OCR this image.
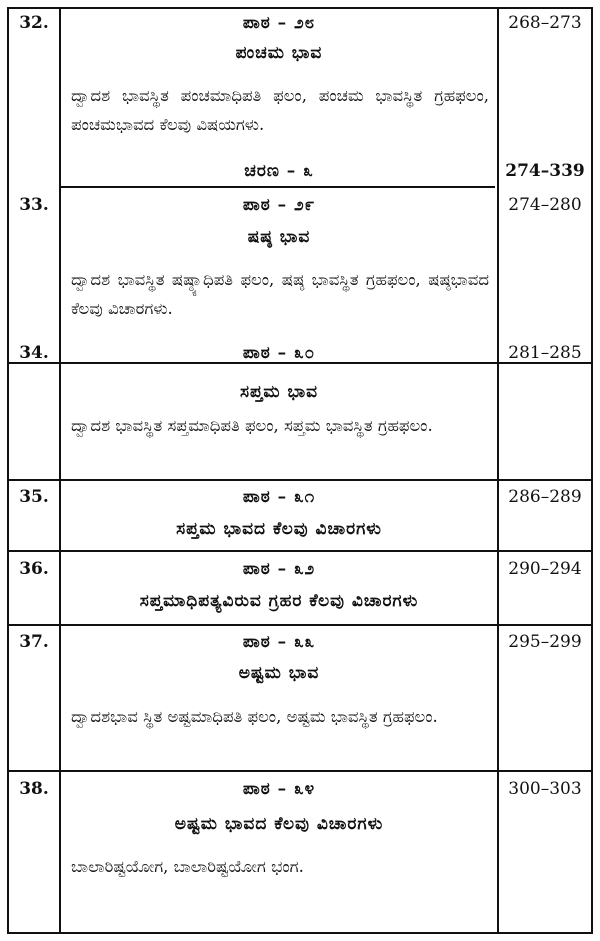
32.	ಪಾಠ – ೨೮	268–273
ಪಂಚಮ ಭಾವ
ದ್ವಾದಶ ಭಾವಸ್ಥಿತ ಪಂಚಮಾಧಿಪತಿ ಫಲಂ, ಪಂಚಮ ಭಾವಸ್ಥಿತ ಗ್ರಹಫಲಂ, ಪಂಚಮಭಾವದ ಕೆಲವು ವಿಷಯಗಳು.
ಚರಣ – ೩	274–339
33.	ಪಾಠ – ೨೯	274–280
ಷಷ್ಠ ಭಾವ
ದ್ವಾದಶ ಭಾವಸ್ಥಿತ ಷಷ್ಠ್ಯಾಧಿಪತಿ ಫಲಂ, ಷಷ್ಠ ಭಾವಸ್ಥಿತ ಗ್ರಹಫಲಂ, ಷಷ್ಠಭಾವದ ಕೆಲವು ವಿಚಾರಗಳು.
34.	ಪಾಠ – ೩೦	281–285
ಸಪ್ತಮ ಭಾವ
ದ್ವಾದಶ ಭಾವಸ್ಥಿತ ಸಪ್ತಮಾಧಿಪತಿ ಫಲಂ, ಸಪ್ತಮ ಭಾವಸ್ಥಿತ ಗ್ರಹಫಲಂ.
35.	ಪಾಠ – ೩೧	286–289
ಸಪ್ತಮ ಭಾವದ ಕೆಲವು ವಿಚಾರಗಳು
36.	ಪಾಠ – ೩೨	290–294
ಸಪ್ತಮಾಧಿಪತ್ಯವಿರುವ ಗ್ರಹರ ಕೆಲವು ವಿಚಾರಗಳು
37.	ಪಾಠ – ೩೩	295–299
ಅಷ್ಟಮ ಭಾವ
ದ್ವಾದಶಭಾವ ಸ್ಥಿತ ಅಷ್ಟಮಾಧಿಪತಿ ಫಲಂ, ಅಷ್ಟಮ ಭಾವಸ್ಥಿತ ಗ್ರಹಫಲಂ.
38.	ಪಾಠ – ೩೪	300–303
ಅಷ್ಟಮ ಭಾವದ ಕೆಲವು ವಿಚಾರಗಳು
ಬಾಲಾರಿಷ್ಟಯೋಗ, ಬಾಲಾರಿಷ್ಟಯೋಗ ಭಂಗ.
